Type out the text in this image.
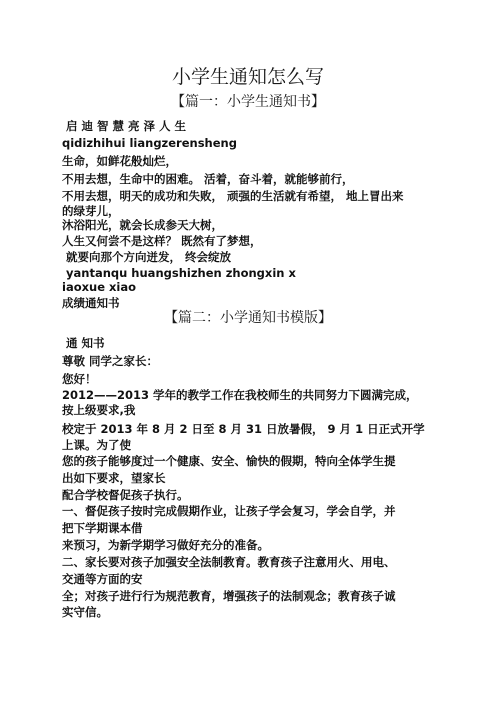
小学生通知怎么写
【篇一：小学生通知书】
启 迪 智 慧 亮 泽 人 生
qidizhihui liangzerensheng
生命，如鲜花般灿烂，
不用去想，生命中的困难。 活着，奋斗着，就能够前行，
不用去想，明天的成功和失败， 顽强的生活就有希望， 地上冒出来
的绿芽儿，
沐浴阳光，就会长成参天大树，
人生又何尝不是这样？ 既然有了梦想，
就要向那个方向迸发， 终会绽放
yantanqu huangshizhen zhongxin x
iaoxue xiao
成绩通知书
【篇二：小学通知书模版】
通 知书
尊敬 同学之家长：
您好！
2012——2013 学年的教学工作在我校师生的共同努力下圆满完成，
按上级要求,我
校定于 2013 年 8 月 2 日至 8 月 31 日放暑假， 9 月 1 日正式开学
上课。为了使
您的孩子能够度过一个健康、安全、愉快的假期，特向全体学生提
出如下要求，望家长
配合学校督促孩子执行。
一、督促孩子按时完成假期作业，让孩子学会复习，学会自学，并
把下学期课本借
来预习，为新学期学习做好充分的准备。
二、家长要对孩子加强安全法制教育。教育孩子注意用火、用电、
交通等方面的安
全；对孩子进行行为规范教育，增强孩子的法制观念；教育孩子诚
实守信。
